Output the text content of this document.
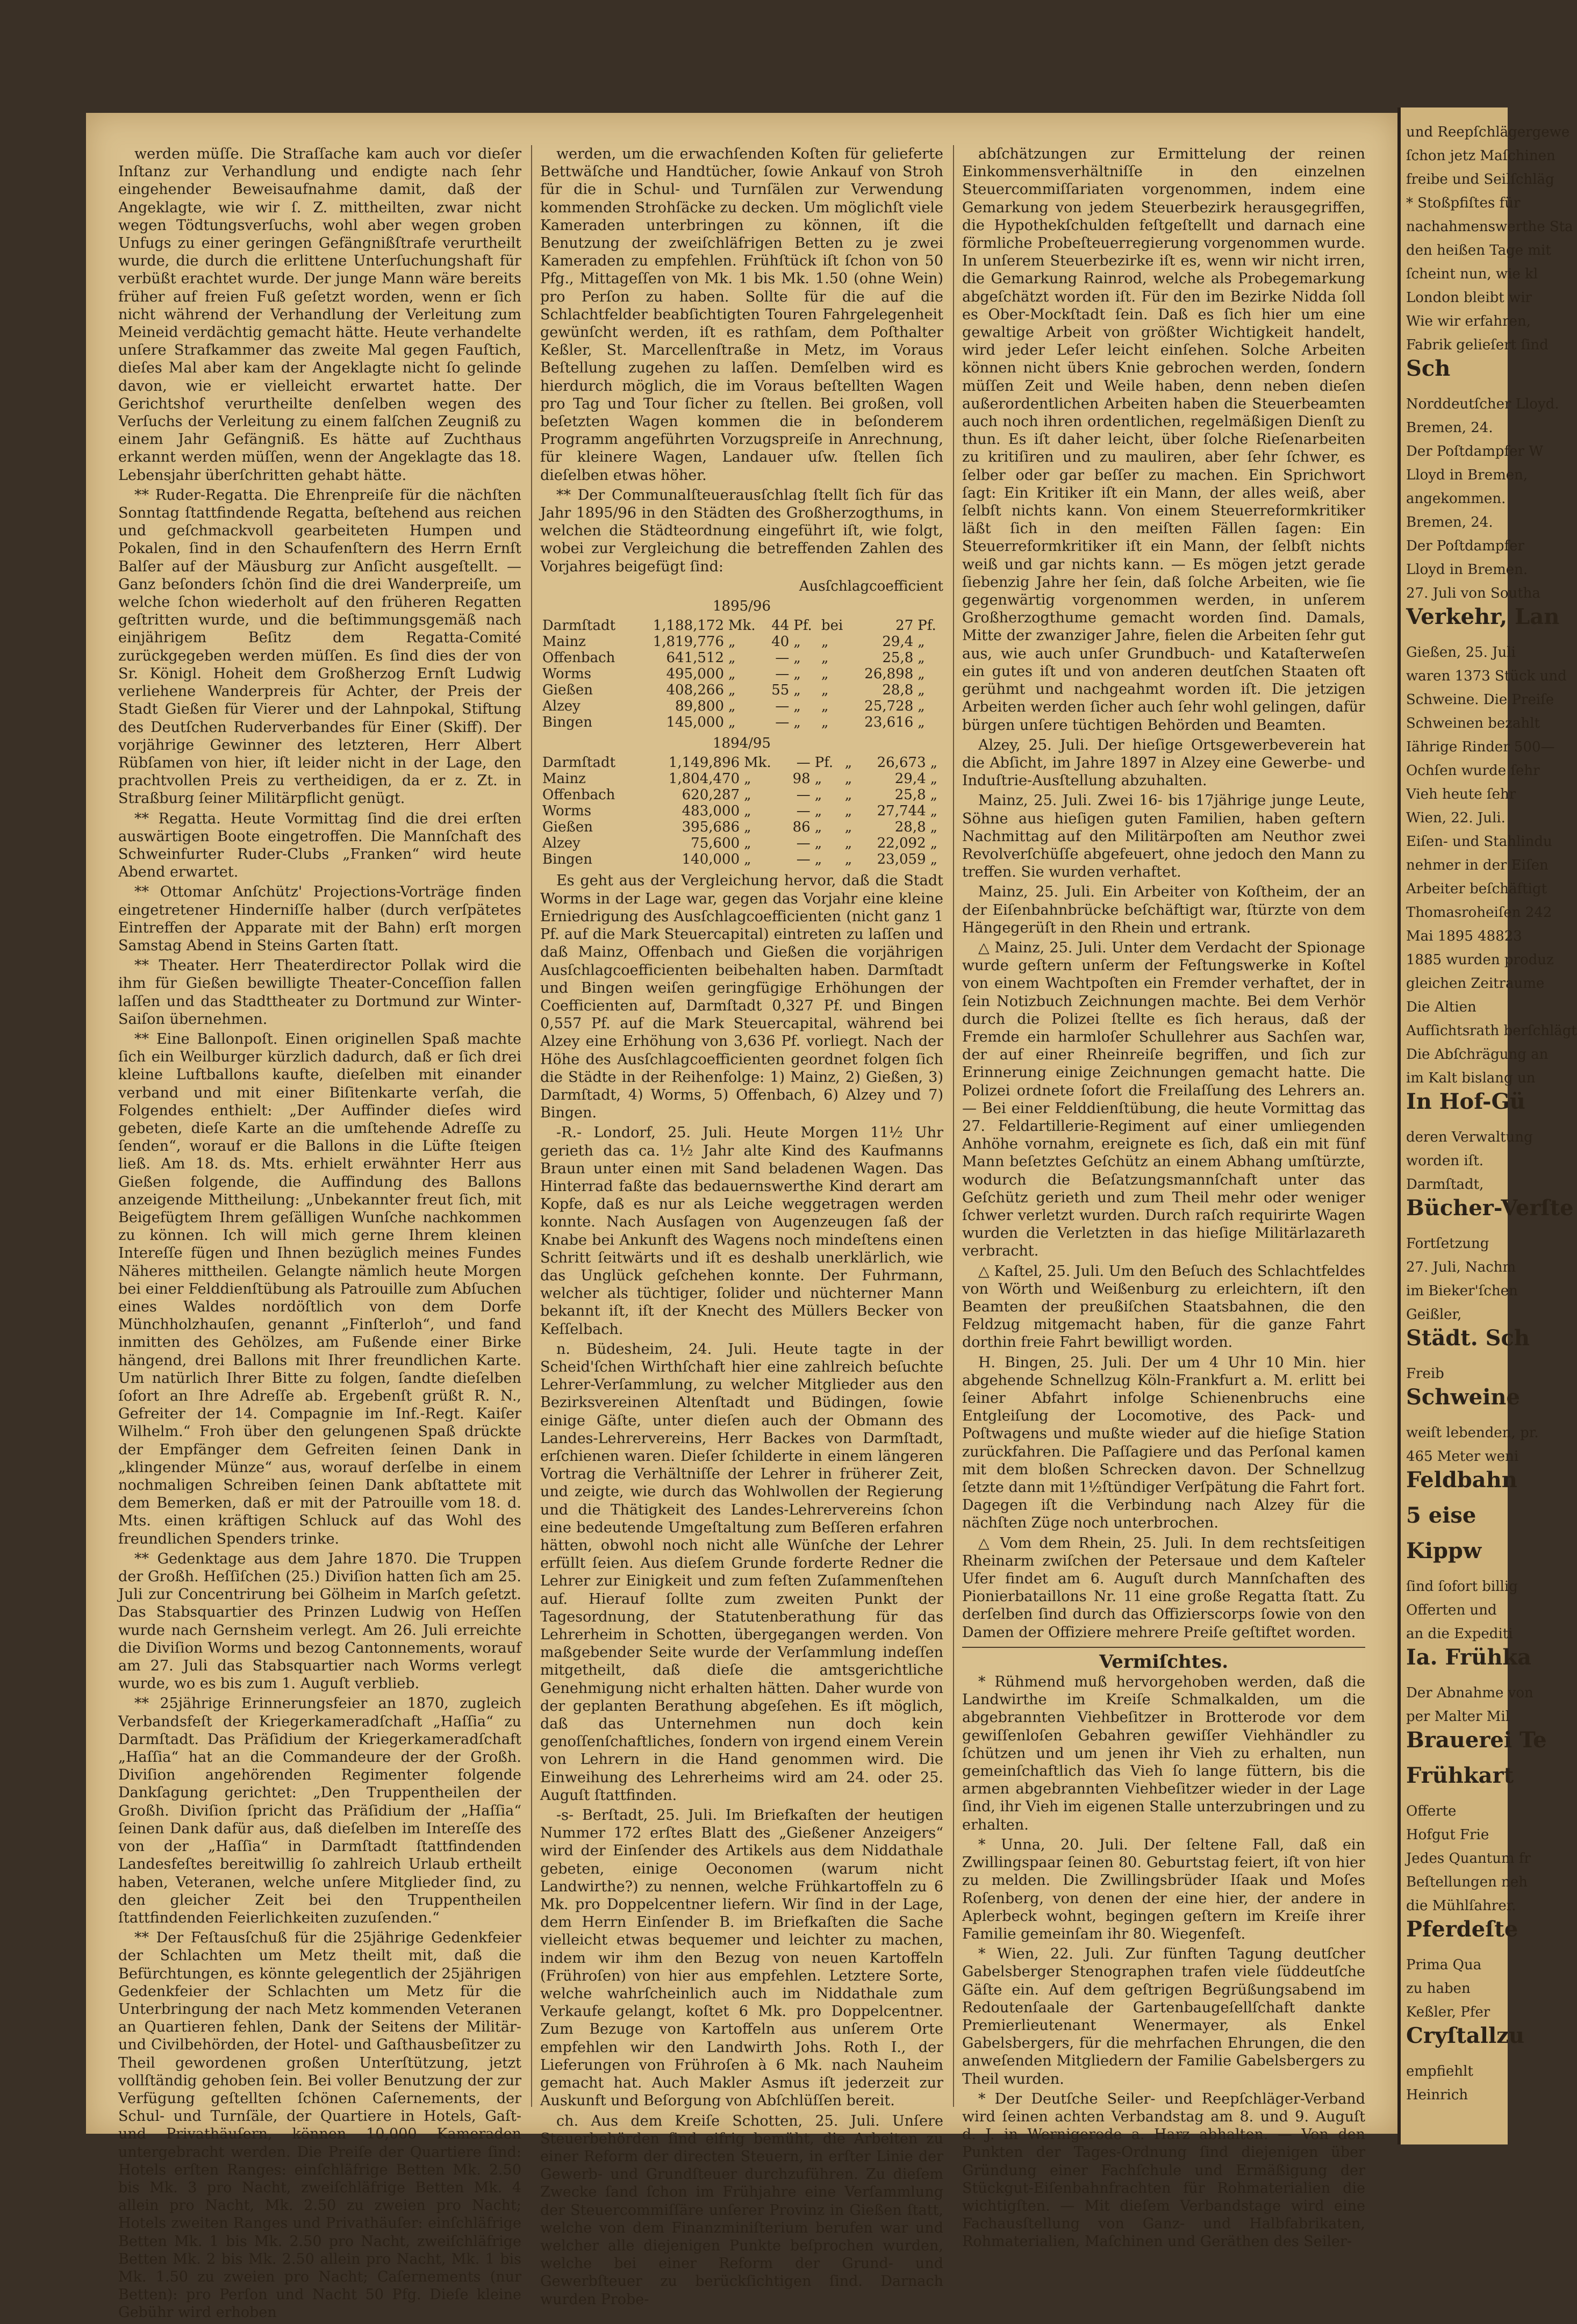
werden müſſe. Die Straſſache kam auch vor dieſer Inſtanz zur Verhandlung und endigte nach ſehr eingehender Beweisaufnahme damit, daß der Angeklagte, wie wir ſ. Z. mittheilten, zwar nicht wegen Tödtungsverſuchs, wohl aber wegen groben Unfugs zu einer geringen Gefängnißſtrafe verurtheilt wurde, die durch die erlittene Unterſuchungshaft für verbüßt erachtet wurde. Der junge Mann wäre bereits früher auf freien Fuß geſetzt worden, wenn er ſich nicht während der Verhandlung der Verleitung zum Meineid verdächtig gemacht hätte. Heute verhandelte unſere Strafkammer das zweite Mal gegen Fauſtich, dieſes Mal aber kam der Angeklagte nicht ſo gelinde davon, wie er vielleicht erwartet hatte. Der Gerichtshof verurtheilte denſelben wegen des Verſuchs der Verleitung zu einem falſchen Zeugniß zu einem Jahr Gefängniß. Es hätte auf Zuchthaus erkannt werden müſſen, wenn der Angeklagte das 18. Lebensjahr überſchritten gehabt hätte.

** Ruder-Regatta. Die Ehrenpreiſe für die nächſten Sonntag ſtattfindende Regatta, beſtehend aus reichen und geſchmackvoll gearbeiteten Humpen und Pokalen, ſind in den Schaufenſtern des Herrn Ernſt Balſer auf der Mäusburg zur Anſicht ausgeſtellt. — Ganz beſonders ſchön ſind die drei Wanderpreiſe, um welche ſchon wiederholt auf den früheren Regatten geſtritten wurde, und die beſtimmungsgemäß nach einjährigem Beſitz dem Regatta-Comité zurückgegeben werden müſſen. Es ſind dies der von Sr. Königl. Hoheit dem Großherzog Ernſt Ludwig verliehene Wanderpreis für Achter, der Preis der Stadt Gießen für Vierer und der Lahnpokal, Stiftung des Deutſchen Ruderverbandes für Einer (Skiff). Der vorjährige Gewinner des letzteren, Herr Albert Rübſamen von hier, iſt leider nicht in der Lage, den prachtvollen Preis zu vertheidigen, da er z. Zt. in Straßburg ſeiner Militärpflicht genügt.

** Regatta. Heute Vormittag ſind die drei erſten auswärtigen Boote eingetroffen. Die Mannſchaft des Schweinfurter Ruder-Clubs „Franken“ wird heute Abend erwartet.

** Ottomar Anſchütz' Projections-Vorträge finden eingetretener Hinderniſſe halber (durch verſpätetes Eintreffen der Apparate mit der Bahn) erſt morgen Samstag Abend in Steins Garten ſtatt.

** Theater. Herr Theaterdirector Pollak wird die ihm für Gießen bewilligte Theater-Conceſſion fallen laſſen und das Stadttheater zu Dortmund zur Winter-Saiſon übernehmen.

** Eine Ballonpoſt. Einen originellen Spaß machte ſich ein Weilburger kürzlich dadurch, daß er ſich drei kleine Luftballons kaufte, dieſelben mit einander verband und mit einer Biſitenkarte verſah, die Folgendes enthielt: „Der Auffinder dieſes wird gebeten, dieſe Karte an die umſtehende Adreſſe zu ſenden“, worauf er die Ballons in die Lüfte ſteigen ließ. Am 18. ds. Mts. erhielt erwähnter Herr aus Gießen folgende, die Auffindung des Ballons anzeigende Mittheilung: „Unbekannter freut ſich, mit Beigefügtem Ihrem geſälligen Wunſche nachkommen zu können. Ich will mich gerne Ihrem kleinen Intereſſe fügen und Ihnen bezüglich meines Fundes Näheres mittheilen. Gelangte nämlich heute Morgen bei einer Felddienſtübung als Patrouille zum Abſuchen eines Waldes nordöſtlich von dem Dorfe Münchholzhauſen, genannt „Finſterloh“, und fand inmitten des Gehölzes, am Fußende einer Birke hängend, drei Ballons mit Ihrer freundlichen Karte. Um natürlich Ihrer Bitte zu folgen, ſandte dieſelben ſofort an Ihre Adreſſe ab. Ergebenſt grüßt R. N., Gefreiter der 14. Compagnie im Inf.-Regt. Kaiſer Wilhelm.“ Froh über den gelungenen Spaß drückte der Empfänger dem Gefreiten ſeinen Dank in „klingender Münze“ aus, worauf derſelbe in einem nochmaligen Schreiben ſeinen Dank abſtattete mit dem Bemerken, daß er mit der Patrouille vom 18. d. Mts. einen kräftigen Schluck auf das Wohl des freundlichen Spenders trinke.

** Gedenktage aus dem Jahre 1870. Die Truppen der Großh. Heſſiſchen (25.) Diviſion hatten ſich am 25. Juli zur Concentrirung bei Gölheim in Marſch geſetzt. Das Stabsquartier des Prinzen Ludwig von Heſſen wurde nach Gernsheim verlegt. Am 26. Juli erreichte die Diviſion Worms und bezog Cantonnements, worauf am 27. Juli das Stabsquartier nach Worms verlegt wurde, wo es bis zum 1. Auguſt verblieb.

** 25jährige Erinnerungsfeier an 1870, zugleich Verbandsfeſt der Kriegerkameradſchaft „Haſſia“ zu Darmſtadt. Das Präſidium der Kriegerkameradſchaft „Haſſia“ hat an die Commandeure der der Großh. Diviſion angehörenden Regimenter folgende Dankſagung gerichtet: „Den Truppentheilen der Großh. Diviſion ſpricht das Präſidium der „Haſſia“ ſeinen Dank dafür aus, daß dieſelben im Intereſſe des von der „Haſſia“ in Darmſtadt ſtattfindenden Landesfeſtes bereitwillig ſo zahlreich Urlaub ertheilt haben, Veteranen, welche unſere Mitglieder ſind, zu den gleicher Zeit bei den Truppentheilen ſtattfindenden Feierlichkeiten zuzuſenden.“

** Der Feſtausſchuß für die 25jährige Gedenkfeier der Schlachten um Metz theilt mit, daß die Befürchtungen, es könnte gelegentlich der 25jährigen Gedenkfeier der Schlachten um Metz für die Unterbringung der nach Metz kommenden Veteranen an Quartieren fehlen, Dank der Seitens der Militär- und Civilbehörden, der Hotel- und Gaſthausbeſitzer zu Theil gewordenen großen Unterſtützung, jetzt vollſtändig gehoben ſein. Bei voller Benutzung der zur Verfügung geſtellten ſchönen Caſernements, der Schul- und Turnſäle, der Quartiere in Hotels, Gaſt- und Privathäuſern, können 10,000 Kameraden untergebracht werden. Die Preiſe der Quartiere ſind: Hotels erſten Ranges: einſchläfrige Betten Mk. 2.50 bis Mk. 3 pro Nacht, zweiſchläfrige Betten Mk. 4 allein pro Nacht, Mk. 2.50 zu zweien pro Nacht; Hotels zweiten Ranges und Privathäuſer: einſchläfrige Betten Mk. 1 bis Mk. 2.50 pro Nacht, zweiſchläfrige Betten Mk. 2 bis Mk. 2.50 allein pro Nacht, Mk. 1 bis Mk. 1.50 zu zweien pro Nacht; Caſernements (nur Betten): pro Perſon und Nacht 50 Pfg. Dieſe kleine Gebühr wird erhoben

werden, um die erwachſenden Koſten für gelieferte Bettwäſche und Handtücher, ſowie Ankauf von Stroh für die in Schul- und Turnſälen zur Verwendung kommenden Strohſäcke zu decken. Um möglichſt viele Kameraden unterbringen zu können, iſt die Benutzung der zweiſchläfrigen Betten zu je zwei Kameraden zu empfehlen. Frühſtück iſt ſchon von 50 Pfg., Mittageſſen von Mk. 1 bis Mk. 1.50 (ohne Wein) pro Perſon zu haben. Sollte für die auf die Schlachtfelder beabſichtigten Touren Fahrgelegenheit gewünſcht werden, iſt es rathſam, dem Poſthalter Keßler, St. Marcellenſtraße in Metz, im Voraus Beſtellung zugehen zu laſſen. Demſelben wird es hierdurch möglich, die im Voraus beſtellten Wagen pro Tag und Tour ſicher zu ſtellen. Bei großen, voll beſetzten Wagen kommen die in beſonderem Programm angeführten Vorzugspreiſe in Anrechnung, für kleinere Wagen, Landauer uſw. ſtellen ſich dieſelben etwas höher.

** Der Communalſteuerausſchlag ſtellt ſich für das Jahr 1895/96 in den Städten des Großherzogthums, in welchen die Städteordnung eingeführt iſt, wie folgt, wobei zur Vergleichung die betreffenden Zahlen des Vorjahres beigefügt ſind:

Ausſchlagcoefficient

1895/96

Darmſtadt	1,188,172	Mk.	44	Pf.	bei	27	Pf.
Mainz	1,819,776	„	40	„	„	29,4	„
Offenbach	641,512	„	—	„	„	25,8	„
Worms	495,000	„	—	„	„	26,898	„
Gießen	408,266	„	55	„	„	28,8	„
Alzey	89,800	„	—	„	„	25,728	„
Bingen	145,000	„	—	„	„	23,616	„

1894/95

Darmſtadt	1,149,896	Mk.	—	Pf.	„	26,673	„
Mainz	1,804,470	„	98	„	„	29,4	„
Offenbach	620,287	„	—	„	„	25,8	„
Worms	483,000	„	—	„	„	27,744	„
Gießen	395,686	„	86	„	„	28,8	„
Alzey	75,600	„	—	„	„	22,092	„
Bingen	140,000	„	—	„	„	23,059	„

Es geht aus der Vergleichung hervor, daß die Stadt Worms in der Lage war, gegen das Vorjahr eine kleine Erniedrigung des Ausſchlagcoefficienten (nicht ganz 1 Pf. auf die Mark Steuercapital) eintreten zu laſſen und daß Mainz, Offenbach und Gießen die vorjährigen Ausſchlagcoefficienten beibehalten haben. Darmſtadt und Bingen weiſen geringfügige Erhöhungen der Coefficienten auf, Darmſtadt 0,327 Pf. und Bingen 0,557 Pf. auf die Mark Steuercapital, während bei Alzey eine Erhöhung von 3,636 Pf. vorliegt. Nach der Höhe des Ausſchlagcoefficienten geordnet folgen ſich die Städte in der Reihenfolge: 1) Mainz, 2) Gießen, 3) Darmſtadt, 4) Worms, 5) Offenbach, 6) Alzey und 7) Bingen.

-R.- Londorf, 25. Juli. Heute Morgen 11½ Uhr gerieth das ca. 1½ Jahr alte Kind des Kaufmanns Braun unter einen mit Sand beladenen Wagen. Das Hinterrad faßte das bedauernswerthe Kind derart am Kopfe, daß es nur als Leiche weggetragen werden konnte. Nach Ausſagen von Augenzeugen ſaß der Knabe bei Ankunft des Wagens noch mindeſtens einen Schritt ſeitwärts und iſt es deshalb unerklärlich, wie das Unglück geſchehen konnte. Der Fuhrmann, welcher als tüchtiger, ſolider und nüchterner Mann bekannt iſt, iſt der Knecht des Müllers Becker von Keſſelbach.

n. Büdesheim, 24. Juli. Heute tagte in der Scheid'ſchen Wirthſchaft hier eine zahlreich beſuchte Lehrer-Verſammlung, zu welcher Mitglieder aus den Bezirksvereinen Altenſtadt und Büdingen, ſowie einige Gäſte, unter dieſen auch der Obmann des Landes-Lehrervereins, Herr Backes von Darmſtadt, erſchienen waren. Dieſer ſchilderte in einem längeren Vortrag die Verhältniſſe der Lehrer in früherer Zeit, und zeigte, wie durch das Wohlwollen der Regierung und die Thätigkeit des Landes-Lehrervereins ſchon eine bedeutende Umgeſtaltung zum Beſſeren erfahren hätten, obwohl noch nicht alle Wünſche der Lehrer erfüllt ſeien. Aus dieſem Grunde forderte Redner die Lehrer zur Einigkeit und zum feſten Zuſammenſtehen auf. Hierauf ſollte zum zweiten Punkt der Tagesordnung, der Statutenberathung für das Lehrerheim in Schotten, übergegangen werden. Von maßgebender Seite wurde der Verſammlung indeſſen mitgetheilt, daß dieſe die amtsgerichtliche Genehmigung nicht erhalten hätten. Daher wurde von der geplanten Berathung abgeſehen. Es iſt möglich, daß das Unternehmen nun doch kein genoſſenſchaftliches, ſondern von irgend einem Verein von Lehrern in die Hand genommen wird. Die Einweihung des Lehrerheims wird am 24. oder 25. Auguſt ſtattfinden.

-s- Berſtadt, 25. Juli. Im Briefkaſten der heutigen Nummer 172 erſtes Blatt des „Gießener Anzeigers“ wird der Einſender des Artikels aus dem Niddathale gebeten, einige Oeconomen (warum nicht Landwirthe?) zu nennen, welche Frühkartoffeln zu 6 Mk. pro Doppelcentner liefern. Wir ſind in der Lage, dem Herrn Einſender B. im Briefkaſten die Sache vielleicht etwas bequemer und leichter zu machen, indem wir ihm den Bezug von neuen Kartoffeln (Frühroſen) von hier aus empfehlen. Letztere Sorte, welche wahrſcheinlich auch im Niddathale zum Verkaufe gelangt, koſtet 6 Mk. pro Doppelcentner. Zum Bezuge von Kartoffeln aus unſerem Orte empfehlen wir den Landwirth Johs. Roth I., der Lieferungen von Frühroſen à 6 Mk. nach Nauheim gemacht hat. Auch Makler Asmus iſt jederzeit zur Auskunft und Beſorgung von Abſchlüſſen bereit.

ch. Aus dem Kreiſe Schotten, 25. Juli. Unſere Steuerbehörden ſind eifrig bemüht, die Arbeiten zu einer Reform der directen Steuern, in erſter Linie der Gewerb- und Grundſteuer durchzuführen. Zu dieſem Zwecke ſand ſchon im Frühjahre eine Verſammlung der Steuercommiſſäre unſerer Provinz in Gießen ſtatt, welche von dem Finanzminiſterium berufen war und welcher alle diejenigen Punkte beſprochen wurden, welche bei einer Reform der Grund- und Gewerbſteuer zu berückſichtigen ſind. Darnach wurden Probe-

abſchätzungen zur Ermittelung der reinen Einkommensverhältniſſe in den einzelnen Steuercommiſſariaten vorgenommen, indem eine Gemarkung von jedem Steuerbezirk herausgegriffen, die Hypothekſchulden feſtgeſtellt und darnach eine förmliche Probeſteuerregierung vorgenommen wurde. In unſerem Steuerbezirke iſt es, wenn wir nicht irren, die Gemarkung Rainrod, welche als Probegemarkung abgeſchätzt worden iſt. Für den im Bezirke Nidda ſoll es Ober-Mockſtadt ſein. Daß es ſich hier um eine gewaltige Arbeit von größter Wichtigkeit handelt, wird jeder Leſer leicht einſehen. Solche Arbeiten können nicht übers Knie gebrochen werden, ſondern müſſen Zeit und Weile haben, denn neben dieſen außerordentlichen Arbeiten haben die Steuerbeamten auch noch ihren ordentlichen, regelmäßigen Dienſt zu thun. Es iſt daher leicht, über ſolche Rieſenarbeiten zu kritiſiren und zu mauliren, aber ſehr ſchwer, es ſelber oder gar beſſer zu machen. Ein Sprichwort ſagt: Ein Kritiker iſt ein Mann, der alles weiß, aber ſelbſt nichts kann. Von einem Steuerreformkritiker läßt ſich in den meiſten Fällen ſagen: Ein Steuerreformkritiker iſt ein Mann, der ſelbſt nichts weiß und gar nichts kann. — Es mögen jetzt gerade ſiebenzig Jahre her ſein, daß ſolche Arbeiten, wie ſie gegenwärtig vorgenommen werden, in unſerem Großherzogthume gemacht worden ſind. Damals, Mitte der zwanziger Jahre, fielen die Arbeiten ſehr gut aus, wie auch unſer Grundbuch- und Kataſterweſen ein gutes iſt und von anderen deutſchen Staaten oft gerühmt und nachgeahmt worden iſt. Die jetzigen Arbeiten werden ſicher auch ſehr wohl gelingen, dafür bürgen unſere tüchtigen Behörden und Beamten.

Alzey, 25. Juli. Der hieſige Ortsgewerbeverein hat die Abſicht, im Jahre 1897 in Alzey eine Gewerbe- und Induſtrie-Ausſtellung abzuhalten.

Mainz, 25. Juli. Zwei 16- bis 17jährige junge Leute, Söhne aus hieſigen guten Familien, haben geſtern Nachmittag auf den Militärpoſten am Neuthor zwei Revolverſchüſſe abgefeuert, ohne jedoch den Mann zu treffen. Sie wurden verhaftet.

Mainz, 25. Juli. Ein Arbeiter von Koſtheim, der an der Eiſenbahnbrücke beſchäftigt war, ſtürzte von dem Hängegerüſt in den Rhein und ertrank.

△ Mainz, 25. Juli. Unter dem Verdacht der Spionage wurde geſtern unſerm der Feſtungswerke in Koſtel von einem Wachtpoſten ein Fremder verhaftet, der in ſein Notizbuch Zeichnungen machte. Bei dem Verhör durch die Polizei ſtellte es ſich heraus, daß der Fremde ein harmloſer Schullehrer aus Sachſen war, der auf einer Rheinreiſe begriffen, und ſich zur Erinnerung einige Zeichnungen gemacht hatte. Die Polizei ordnete ſofort die Freilaſſung des Lehrers an. — Bei einer Felddienſtübung, die heute Vormittag das 27. Feldartillerie-Regiment auf einer umliegenden Anhöhe vornahm, ereignete es ſich, daß ein mit fünf Mann beſetztes Geſchütz an einem Abhang umſtürzte, wodurch die Beſatzungsmannſchaft unter das Geſchütz gerieth und zum Theil mehr oder weniger ſchwer verletzt wurden. Durch raſch requirirte Wagen wurden die Verletzten in das hieſige Militärlazareth verbracht.

△ Kaſtel, 25. Juli. Um den Beſuch des Schlachtfeldes von Wörth und Weißenburg zu erleichtern, iſt den Beamten der preußiſchen Staatsbahnen, die den Feldzug mitgemacht haben, für die ganze Fahrt dorthin freie Fahrt bewilligt worden.

H. Bingen, 25. Juli. Der um 4 Uhr 10 Min. hier abgehende Schnellzug Köln-Frankfurt a. M. erlitt bei ſeiner Abfahrt infolge Schienenbruchs eine Entgleiſung der Locomotive, des Pack- und Poſtwagens und mußte wieder auf die hieſige Station zurückfahren. Die Paſſagiere und das Perſonal kamen mit dem bloßen Schrecken davon. Der Schnellzug ſetzte dann mit 1½ſtündiger Verſpätung die Fahrt fort. Dagegen iſt die Verbindung nach Alzey für die nächſten Züge noch unterbrochen.

△ Vom dem Rhein, 25. Juli. In dem rechtsſeitigen Rheinarm zwiſchen der Petersaue und dem Kaſteler Ufer findet am 6. Auguſt durch Mannſchaften des Pionierbataillons Nr. 11 eine große Regatta ſtatt. Zu derſelben ſind durch das Offizierscorps ſowie von den Damen der Offiziere mehrere Preiſe geſtiftet worden.

Vermiſchtes.

* Rühmend muß hervorgehoben werden, daß die Landwirthe im Kreiſe Schmalkalden, um die abgebrannten Viehbeſitzer in Brotterode vor dem gewiſſenloſen Gebahren gewiſſer Viehhändler zu ſchützen und um jenen ihr Vieh zu erhalten, nun gemeinſchaftlich das Vieh ſo lange füttern, bis die armen abgebrannten Viehbeſitzer wieder in der Lage ſind, ihr Vieh im eigenen Stalle unterzubringen und zu erhalten.

* Unna, 20. Juli. Der ſeltene Fall, daß ein Zwillingspaar ſeinen 80. Geburtstag feiert, iſt von hier zu melden. Die Zwillingsbrüder Iſaak und Moſes Roſenberg, von denen der eine hier, der andere in Aplerbeck wohnt, begingen geſtern im Kreiſe ihrer Familie gemeinſam ihr 80. Wiegenfeſt.

* Wien, 22. Juli. Zur fünften Tagung deutſcher Gabelsberger Stenographen trafen viele ſüddeutſche Gäſte ein. Auf dem geſtrigen Begrüßungsabend im Redoutenſaale der Gartenbaugeſellſchaft dankte Premierlieutenant Wenermayer, als Enkel Gabelsbergers, für die mehrfachen Ehrungen, die den anweſenden Mitgliedern der Familie Gabelsbergers zu Theil wurden.

* Der Deutſche Seiler- und Reepſchläger-Verband wird ſeinen achten Verbandstag am 8. und 9. Auguſt d. J. in Wernigerode a. Harz abhalten. — Von den Punkten der Tages-Ordnung ſind diejenigen über Gründung einer Fachſchule und Ermäßigung der Stückgut-Eiſenbahnfrachten für Rohmaterialien die wichtigſten. — Mit dieſem Verbandstage wird eine Fachausſtellung von Ganz- und Halbfabrikaten, Rohmaterialien, Maſchinen und Geräthen des Seiler-

und Reepſchlägergewe
ſchon jetz Maſchinen
freibe und Seilſchläg
* Stoßpfiſtes für
nachahmenswerthe Sta
den heißen Tage mit
ſcheint nun, wie kl
London bleibt wir
Wie wir erfahren,
Fabrik gelieſert ſind
Sch
Norddeutſcher Lloyd.
Bremen, 24.
Der Poſtdampfer W
Lloyd in Bremen,
angekommen.
Bremen, 24.
Der Poſtdampfer
Lloyd in Bremen.
27. Juli von Southa
Verkehr, Lan
Gießen, 25. Juli
waren 1373 Stück und
Schweine. Die Preiſe
Schweinen bezahlt
Iährige Rinder 500—
Ochſen wurde ſehr
Vieh heute ſehr
Wien, 22. Juli.
Eiſen- und Stahlindu
nehmer in der Eiſen
Arbeiter beſchäftigt
Thomasroheiſen 242
Mai 1895 48823
1885 wurden produz
gleichen Zeitraume
Die Altien
Aufſichtsrath berſchlägt
Die Abſchrägung an
im Kalt bislang un
In Hof-Gü
deren Verwaltung
worden iſt.
Darmſtadt,
Bücher-Verſte
Fortſetzung
27. Juli, Nachm
im Bieker'ſchen
Geißler,
Städt. Sch
Freib
Schweine
weiſt lebenden, pr.
465 Meter weni
Feldbahn
5 eise
Kippw
ſind ſofort billig
Offerten und
an die Expediti
Ia. Frühka
Der Abnahme von
per Malter Mil
Brauerei Te
Frühkart
Offerte
Hofgut Frie
Jedes Quantum fr
Beſtellungen neh
die Mühlſahrer.
Pferdeſte
Prima Qua
zu haben
Keßler, Pfer
Cryſtallzu
empfiehlt
Heinrich
